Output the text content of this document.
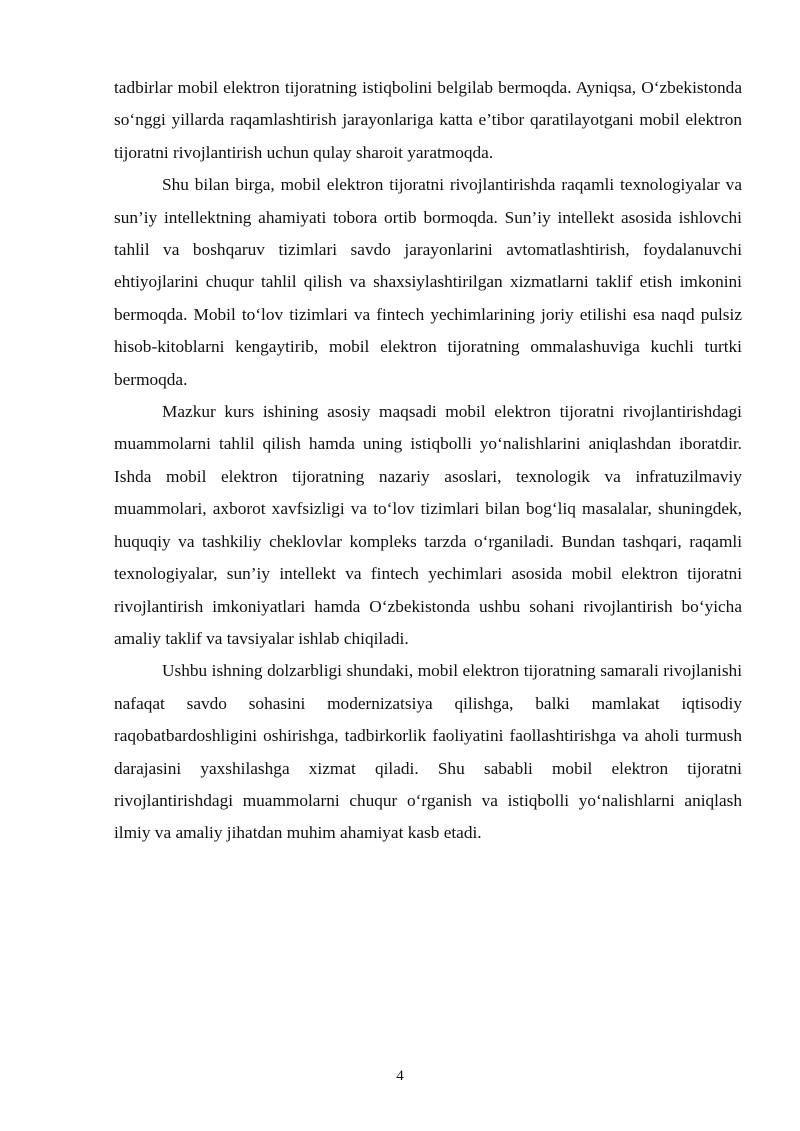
tadbirlar mobil elektron tijoratning istiqbolini belgilab bermoqda. Ayniqsa, O‘zbekistonda so‘nggi yillarda raqamlashtirish jarayonlariga katta e’tibor qaratilayotgani mobil elektron tijoratni rivojlantirish uchun qulay sharoit yaratmoqda.

Shu bilan birga, mobil elektron tijoratni rivojlantirishda raqamli texnologiyalar va sun’iy intellektning ahamiyati tobora ortib bormoqda. Sun’iy intellekt asosida ishlovchi tahlil va boshqaruv tizimlari savdo jarayonlarini avtomatlashtirish, foydalanuvchi ehtiyojlarini chuqur tahlil qilish va shaxsiylashtirilgan xizmatlarni taklif etish imkonini bermoqda. Mobil to‘lov tizimlari va fintech yechimlarining joriy etilishi esa naqd pulsiz hisob-kitoblarni kengaytirib, mobil elektron tijoratning ommalashuviga kuchli turtki bermoqda.

Mazkur kurs ishining asosiy maqsadi mobil elektron tijoratni rivojlantirishdagi muammolarni tahlil qilish hamda uning istiqbolli yo‘nalishlarini aniqlashdan iboratdir. Ishda mobil elektron tijoratning nazariy asoslari, texnologik va infratuzilmaviy muammolari, axborot xavfsizligi va to‘lov tizimlari bilan bog‘liq masalalar, shuningdek, huquqiy va tashkiliy cheklovlar kompleks tarzda o‘rganiladi. Bundan tashqari, raqamli texnologiyalar, sun’iy intellekt va fintech yechimlari asosida mobil elektron tijoratni rivojlantirish imkoniyatlari hamda O‘zbekistonda ushbu sohani rivojlantirish bo‘yicha amaliy taklif va tavsiyalar ishlab chiqiladi.

Ushbu ishning dolzarbligi shundaki, mobil elektron tijoratning samarali rivojlanishi nafaqat savdo sohasini modernizatsiya qilishga, balki mamlakat iqtisodiy raqobatbardoshligini oshirishga, tadbirkorlik faoliyatini faollashtirishga va aholi turmush darajasini yaxshilashga xizmat qiladi. Shu sababli mobil elektron tijoratni rivojlantirishdagi muammolarni chuqur o‘rganish va istiqbolli yo‘nalishlarni aniqlash ilmiy va amaliy jihatdan muhim ahamiyat kasb etadi.

4
